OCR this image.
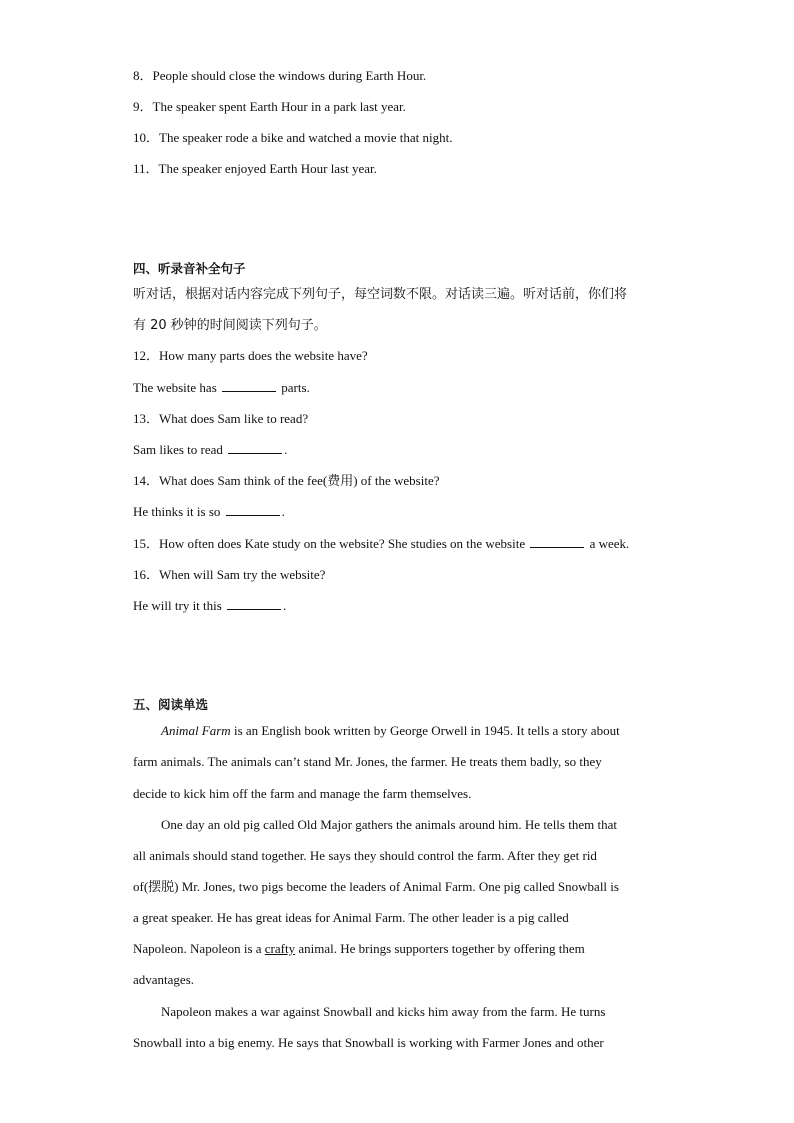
8．People should close the windows during Earth Hour.
9．The speaker spent Earth Hour in a park last year.
10．The speaker rode a bike and watched a movie that night.
11．The speaker enjoyed Earth Hour last year.
四、听录音补全句子
听对话，根据对话内容完成下列句子，每空词数不限。对话读三遍。听对话前，你们将
有 20 秒钟的时间阅读下列句子。
12．How many parts does the website have?
The website has	parts.
13．What does Sam like to read?
Sam likes to read	.
14．What does Sam think of the fee(费用) of the website?
He thinks it is so	.
15．How often does Kate study on the website? She studies on the website	a week.
16．When will Sam try the website?
He will try it this	.
五、阅读单选
Animal Farm is an English book written by George Orwell in 1945. It tells a story about
farm animals. The animals can’t stand Mr. Jones, the farmer. He treats them badly, so they
decide to kick him off the farm and manage the farm themselves.
One day an old pig called Old Major gathers the animals around him. He tells them that
all animals should stand together. He says they should control the farm. After they get rid
of(摆脱) Mr. Jones, two pigs become the leaders of Animal Farm. One pig called Snowball is
a great speaker. He has great ideas for Animal Farm. The other leader is a pig called
Napoleon. Napoleon is a crafty animal. He brings supporters together by offering them
advantages.
Napoleon makes a war against Snowball and kicks him away from the farm. He turns
Snowball into a big enemy. He says that Snowball is working with Farmer Jones and other
